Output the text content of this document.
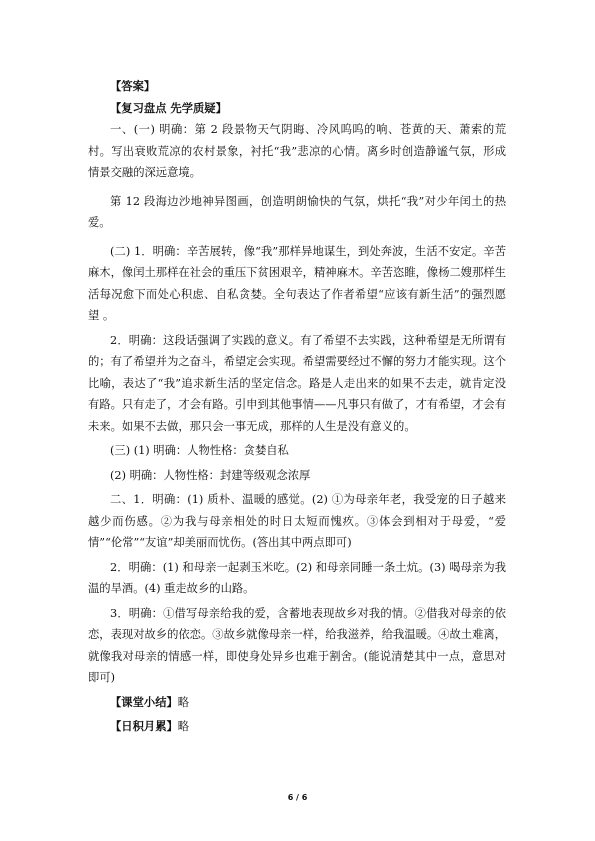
【答案】

【复习盘点 先学质疑】

一、(一) 明确：第 2 段景物天气阴晦、冷风呜呜的响、苍黄的天、萧索的荒村。写出衰败荒凉的农村景象，衬托“我”悲凉的心情。离乡时创造静谧气氛，形成情景交融的深远意境。

第 12 段海边沙地神异图画，创造明朗愉快的气氛，烘托“我”对少年闰土的热爱。

(二) 1．明确：辛苦展转，像“我”那样异地谋生，到处奔波，生活不安定。辛苦麻木，像闰土那样在社会的重压下贫困艰辛，精神麻木。辛苦恣睢，像杨二嫂那样生活每况愈下而处心积虑、自私贪婪。全句表达了作者希望“应该有新生活”的强烈愿望 。

2．明确：这段话强调了实践的意义。有了希望不去实践，这种希望是无所谓有的；有了希望并为之奋斗，希望定会实现。希望需要经过不懈的努力才能实现。这个比喻，表达了“我”追求新生活的坚定信念。路是人走出来的如果不去走，就肯定没有路。只有走了，才会有路。引申到其他事情——凡事只有做了，才有希望，才会有未来。如果不去做，那只会一事无成，那样的人生是没有意义的。

(三) (1) 明确：人物性格：贪婪自私

(2) 明确：人物性格：封建等级观念浓厚

二、1．明确：(1) 质朴、温暖的感觉。(2) ①为母亲年老，我受宠的日子越来越少而伤感。②为我与母亲相处的时日太短而愧疚。③体会到相对于母爱，“爱情”“伦常”“友谊”却美丽而忧伤。(答出其中两点即可)

2．明确：(1) 和母亲一起剥玉米吃。(2) 和母亲同睡一条土炕。(3) 喝母亲为我温的旱酒。(4) 重走故乡的山路。

3．明确：①借写母亲给我的爱，含蓄地表现故乡对我的情。②借我对母亲的依恋，表现对故乡的依恋。③故乡就像母亲一样，给我滋养，给我温暖。④故土难离，就像我对母亲的情感一样，即使身处异乡也难于割舍。(能说清楚其中一点，意思对即可)

【课堂小结】略

【日积月累】略

6 / 6
